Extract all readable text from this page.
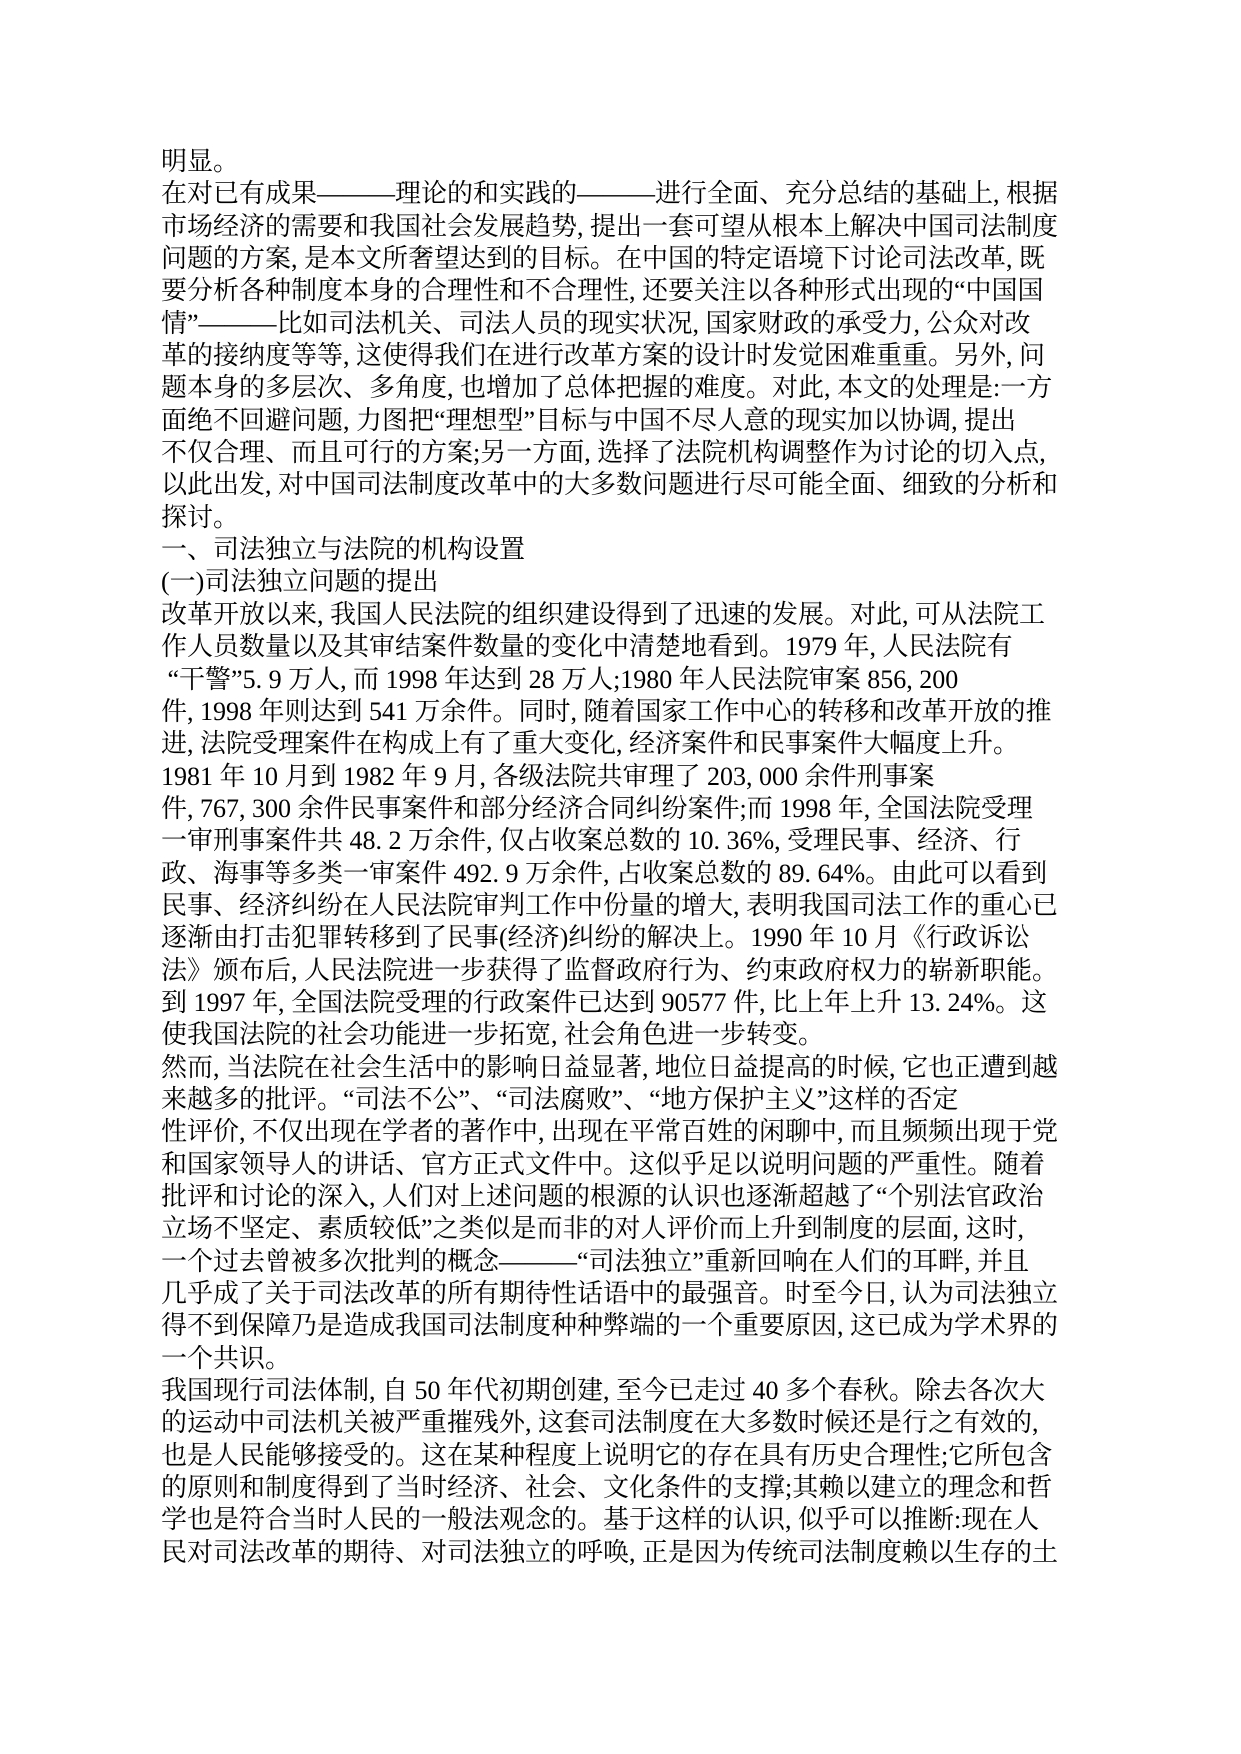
明显。
在对已有成果———理论的和实践的———进行全面、充分总结的基础上, 根据
市场经济的需要和我国社会发展趋势, 提出一套可望从根本上解决中国司法制度
问题的方案, 是本文所奢望达到的目标。在中国的特定语境下讨论司法改革, 既
要分析各种制度本身的合理性和不合理性, 还要关注以各种形式出现的“中国国
情”———比如司法机关、司法人员的现实状况, 国家财政的承受力, 公众对改
革的接纳度等等, 这使得我们在进行改革方案的设计时发觉困难重重。另外, 问
题本身的多层次、多角度, 也增加了总体把握的难度。对此, 本文的处理是:一方
面绝不回避问题, 力图把“理想型”目标与中国不尽人意的现实加以协调, 提出
不仅合理、而且可行的方案;另一方面, 选择了法院机构调整作为讨论的切入点,
以此出发, 对中国司法制度改革中的大多数问题进行尽可能全面、细致的分析和
探讨。
一、司法独立与法院的机构设置
(一)司法独立问题的提出
改革开放以来, 我国人民法院的组织建设得到了迅速的发展。对此, 可从法院工
作人员数量以及其审结案件数量的变化中清楚地看到。1979 年, 人民法院有
“干警”5. 9 万人, 而 1998 年达到 28 万人;1980 年人民法院审案 856, 200
件, 1998 年则达到 541 万余件。同时, 随着国家工作中心的转移和改革开放的推
进, 法院受理案件在构成上有了重大变化, 经济案件和民事案件大幅度上升。
1981 年 10 月到 1982 年 9 月, 各级法院共审理了 203, 000 余件刑事案
件, 767, 300 余件民事案件和部分经济合同纠纷案件;而 1998 年, 全国法院受理
一审刑事案件共 48. 2 万余件, 仅占收案总数的 10. 36%, 受理民事、经济、行
政、海事等多类一审案件 492. 9 万余件, 占收案总数的 89. 64%。由此可以看到
民事、经济纠纷在人民法院审判工作中份量的增大, 表明我国司法工作的重心已
逐渐由打击犯罪转移到了民事(经济)纠纷的解决上。1990 年 10 月《行政诉讼
法》颁布后, 人民法院进一步获得了监督政府行为、约束政府权力的崭新职能。
到 1997 年, 全国法院受理的行政案件已达到 90577 件, 比上年上升 13. 24%。这
使我国法院的社会功能进一步拓宽, 社会角色进一步转变。
然而, 当法院在社会生活中的影响日益显著, 地位日益提高的时候, 它也正遭到越
来越多的批评。“司法不公”、“司法腐败”、“地方保护主义”这样的否定
性评价, 不仅出现在学者的著作中, 出现在平常百姓的闲聊中, 而且频频出现于党
和国家领导人的讲话、官方正式文件中。这似乎足以说明问题的严重性。随着
批评和讨论的深入, 人们对上述问题的根源的认识也逐渐超越了“个别法官政治
立场不坚定、素质较低”之类似是而非的对人评价而上升到制度的层面, 这时,
一个过去曾被多次批判的概念———“司法独立”重新回响在人们的耳畔, 并且
几乎成了关于司法改革的所有期待性话语中的最强音。时至今日, 认为司法独立
得不到保障乃是造成我国司法制度种种弊端的一个重要原因, 这已成为学术界的
一个共识。
我国现行司法体制, 自 50 年代初期创建, 至今已走过 40 多个春秋。除去各次大
的运动中司法机关被严重摧残外, 这套司法制度在大多数时候还是行之有效的,
也是人民能够接受的。这在某种程度上说明它的存在具有历史合理性;它所包含
的原则和制度得到了当时经济、社会、文化条件的支撑;其赖以建立的理念和哲
学也是符合当时人民的一般法观念的。基于这样的认识, 似乎可以推断:现在人
民对司法改革的期待、对司法独立的呼唤, 正是因为传统司法制度赖以生存的土
